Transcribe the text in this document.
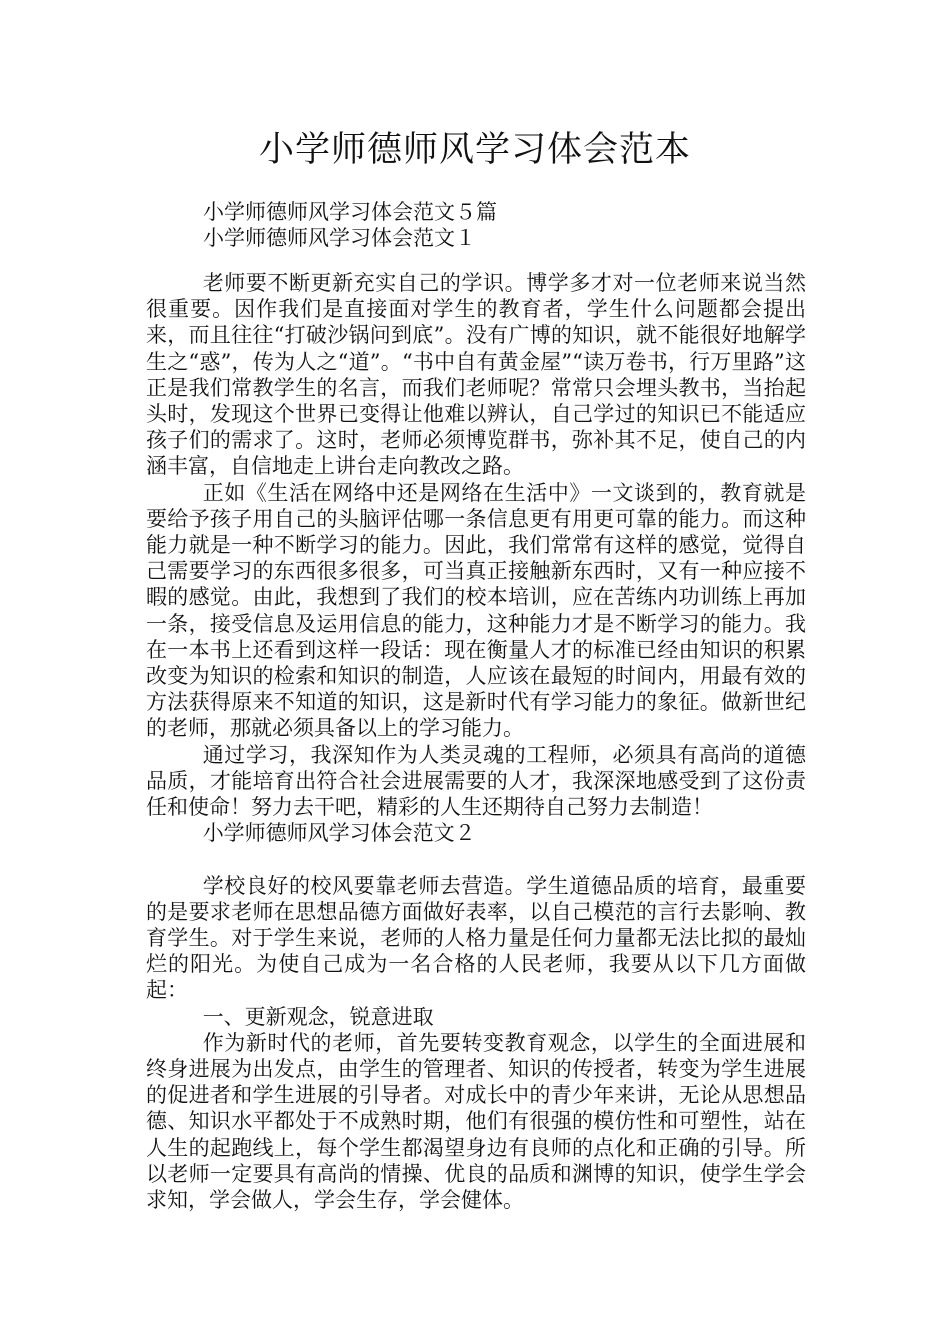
小学师德师风学习体会范本
小学师德师风学习体会范文５篇
小学师德师风学习体会范文１

老师要不断更新充实自己的学识。博学多才对一位老师来说当然很重要。因作我们是直接面对学生的教育者，学生什么问题都会提出来，而且往往“打破沙锅问到底”。没有广博的知识，就不能很好地解学生之“惑”，传为人之“道”。“书中自有黄金屋”“读万卷书，行万里路”这正是我们常教学生的名言，而我们老师呢？常常只会埋头教书，当抬起头时，发现这个世界已变得让他难以辨认，自己学过的知识已不能适应孩子们的需求了。这时，老师必须博览群书，弥补其不足，使自己的内涵丰富，自信地走上讲台走向教改之路。

正如《生活在网络中还是网络在生活中》一文谈到的，教育就是要给予孩子用自己的头脑评估哪一条信息更有用更可靠的能力。而这种能力就是一种不断学习的能力。因此，我们常常有这样的感觉，觉得自己需要学习的东西很多很多，可当真正接触新东西时，又有一种应接不暇的感觉。由此，我想到了我们的校本培训，应在苦练内功训练上再加一条，接受信息及运用信息的能力，这种能力才是不断学习的能力。我在一本书上还看到这样一段话：现在衡量人才的标准已经由知识的积累改变为知识的检索和知识的制造，人应该在最短的时间内，用最有效的方法获得原来不知道的知识，这是新时代有学习能力的象征。做新世纪的老师，那就必须具备以上的学习能力。

通过学习，我深知作为人类灵魂的工程师，必须具有高尚的道德品质，才能培育出符合社会进展需要的人才，我深深地感受到了这份责任和使命！努力去干吧，精彩的人生还期待自己努力去制造！

小学师德师风学习体会范文２

学校良好的校风要靠老师去营造。学生道德品质的培育，最重要的是要求老师在思想品德方面做好表率，以自己模范的言行去影响、教育学生。对于学生来说，老师的人格力量是任何力量都无法比拟的最灿烂的阳光。为使自己成为一名合格的人民老师，我要从以下几方面做起：

一、更新观念，锐意进取

作为新时代的老师，首先要转变教育观念，以学生的全面进展和终身进展为出发点，由学生的管理者、知识的传授者，转变为学生进展的促进者和学生进展的引导者。对成长中的青少年来讲，无论从思想品德、知识水平都处于不成熟时期，他们有很强的模仿性和可塑性，站在人生的起跑线上，每个学生都渴望身边有良师的点化和正确的引导。所以老师一定要具有高尚的情操、优良的品质和渊博的知识，使学生学会求知，学会做人，学会生存，学会健体。
